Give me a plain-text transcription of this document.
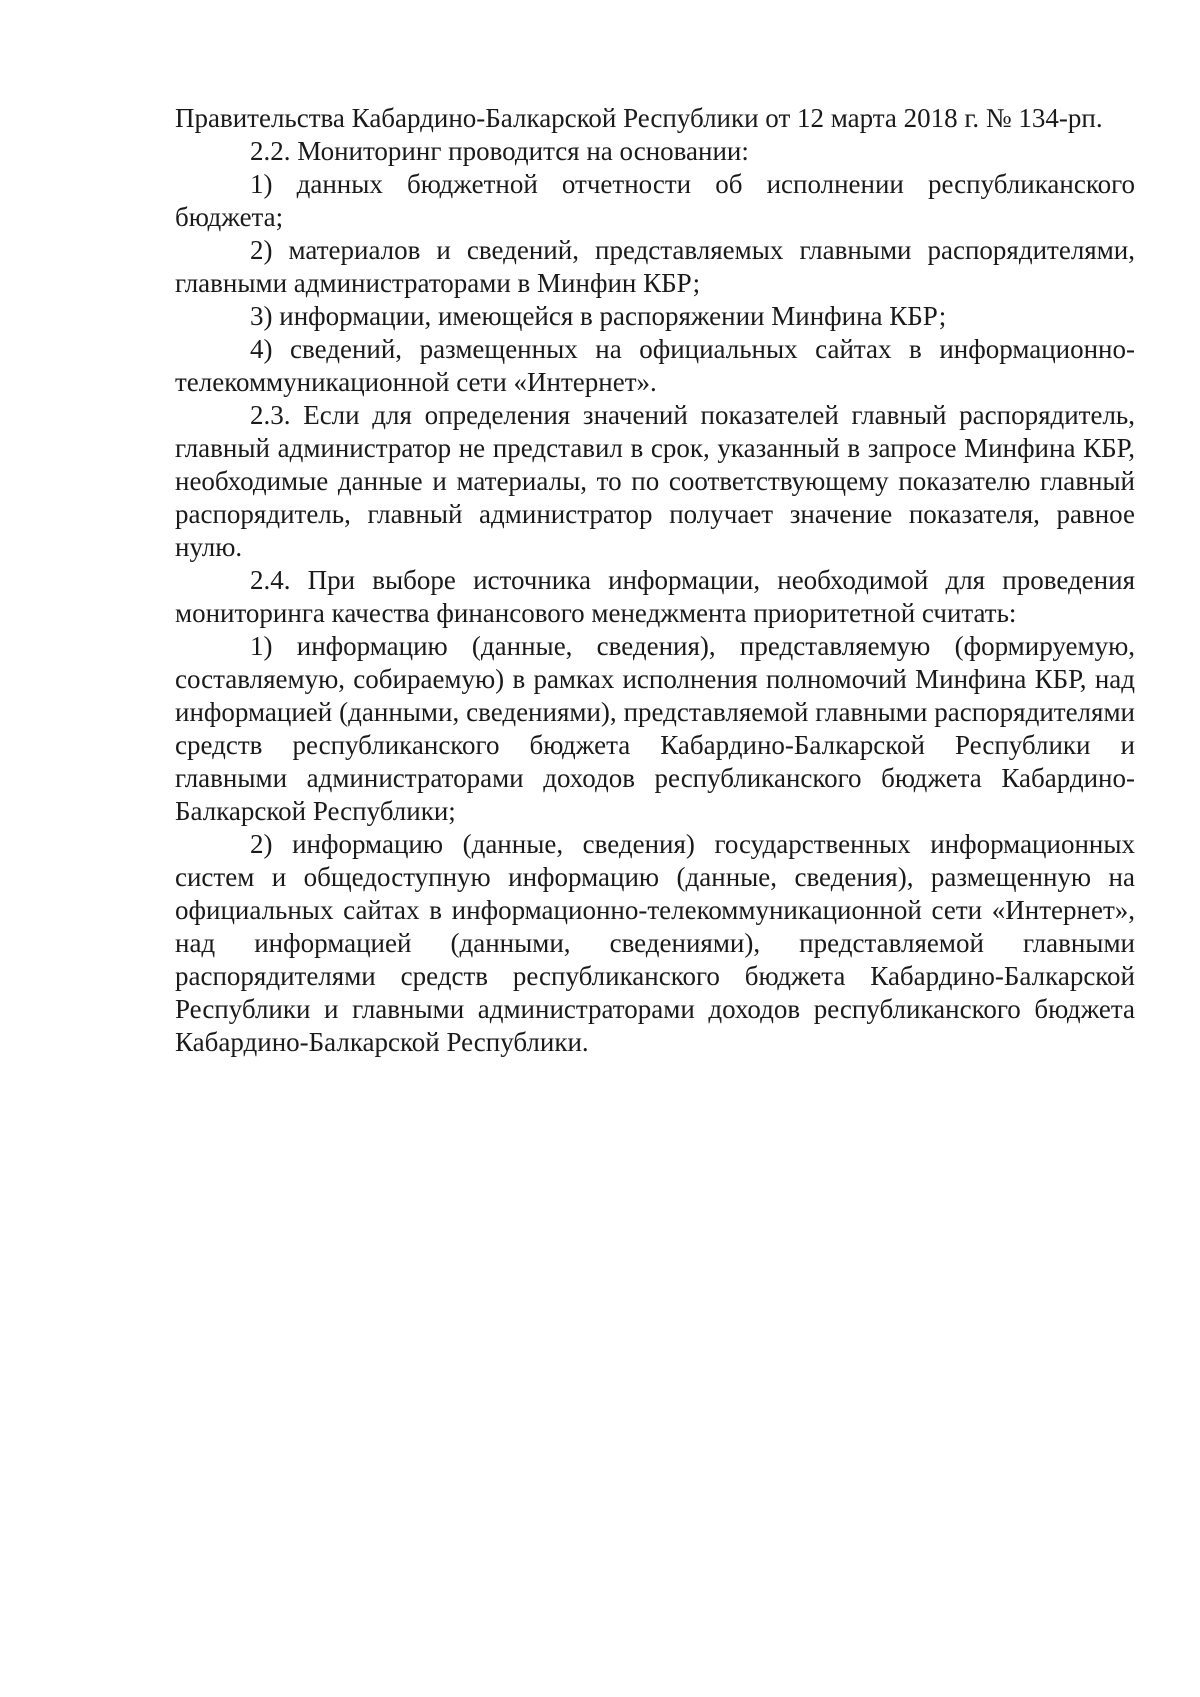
Правительства Кабардино-Балкарской Республики от 12 марта 2018 г. № 134-рп.

2.2. Мониторинг проводится на основании:

1) данных бюджетной отчетности об исполнении республиканского бюджета;

2) материалов и сведений, представляемых главными распорядителями, главными администраторами в Минфин КБР;

3) информации, имеющейся в распоряжении Минфина КБР;

4) сведений, размещенных на официальных сайтах в информационно-телекоммуникационной сети «Интернет».

2.3. Если для определения значений показателей главный распорядитель, главный администратор не представил в срок, указанный в запросе Минфина КБР, необходимые данные и материалы, то по соответствующему показателю главный распорядитель, главный администратор получает значение показателя, равное нулю.

2.4. При выборе источника информации, необходимой для проведения мониторинга качества финансового менеджмента приоритетной считать:

1) информацию (данные, сведения), представляемую (формируемую, составляемую, собираемую) в рамках исполнения полномочий Минфина КБР, над информацией (данными, сведениями), представляемой главными распорядителями средств республиканского бюджета Кабардино-Балкарской Республики и главными администраторами доходов республиканского бюджета Кабардино-Балкарской Республики;

2) информацию (данные, сведения) государственных информационных систем и общедоступную информацию (данные, сведения), размещенную на официальных сайтах в информационно-телекоммуникационной сети «Интернет», над информацией (данными, сведениями), представляемой главными распорядителями средств республиканского бюджета Кабардино-Балкарской Республики и главными администраторами доходов республиканского бюджета Кабардино-Балкарской Республики.
